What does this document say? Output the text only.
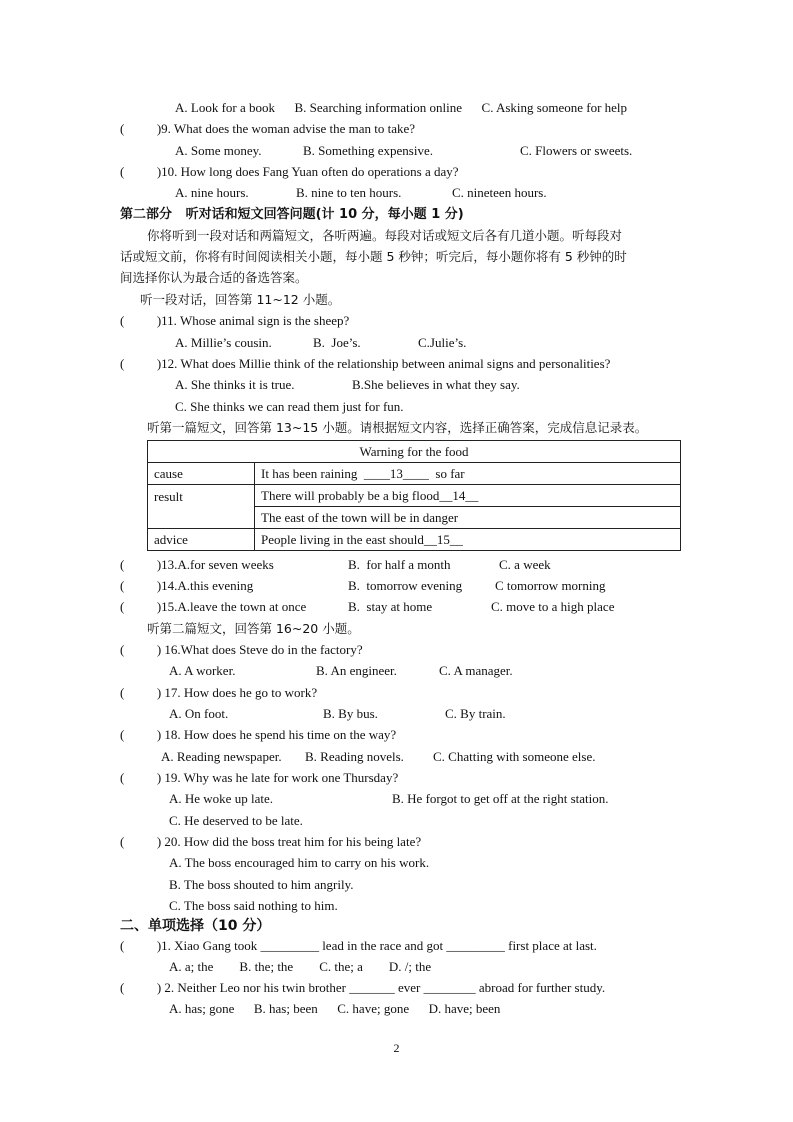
A. Look for a book      B. Searching information online      C. Asking someone for help
(          )9. What does the woman advise the man to take?
A. Some money.	B. Something expensive.	C. Flowers or sweets.
(          )10. How long does Fang Yuan often do operations a day?
A. nine hours.	B. nine to ten hours.	C. nineteen hours.
第二部分   听对话和短文回答问题(计 10 分，每小题 1 分)
你将听到一段对话和两篇短文，各听两遍。每段对话或短文后各有几道小题。听每段对
话或短文前，你将有时间阅读相关小题，每小题 5 秒钟；听完后，每小题你将有 5 秒钟的时
间选择你认为最合适的备选答案。
听一段对话，回答第 11~12 小题。
(          )11. Whose animal sign is the sheep?
A. Millie’s cousin.	B.  Joe’s.	C.Julie’s.
(          )12. What does Millie think of the relationship between animal signs and personalities?
A. She thinks it is true.	B.She believes in what they say.
C. She thinks we can read them just for fun.
听第一篇短文，回答第 13~15 小题。请根据短文内容，选择正确答案，完成信息记录表。
Warning for the food	
cause	It has been raining  ____13____  so far
result	There will probably be a big flood__14__
	The east of the town will be in danger
advice	People living in the east should__15__
(          )13.A.for seven weeks	B.  for half a month	C. a week
(          )14.A.this evening	B.  tomorrow evening	C tomorrow morning
(          )15.A.leave the town at once	B.  stay at home	C. move to a high place
听第二篇短文，回答第 16~20 小题。
(          ) 16.What does Steve do in the factory?
A. A worker.	B. An engineer.	C. A manager.
(          ) 17. How does he go to work?
A. On foot.	B. By bus.	C. By train.
(          ) 18. How does he spend his time on the way?
A. Reading newspaper. B. Reading novels. C. Chatting with someone else.
(          ) 19. Why was he late for work one Thursday?
A. He woke up late.	B. He forgot to get off at the right station.
C. He deserved to be late.
(          ) 20. How did the boss treat him for his being late?
A. The boss encouraged him to carry on his work.
B. The boss shouted to him angrily.
C. The boss said nothing to him.
二、单项选择（10 分）
(          )1. Xiao Gang took _________ lead in the race and got _________ first place at last.
A. a; the        B. the; the        C. the; a        D. /; the
(          ) 2. Neither Leo nor his twin brother _______ ever ________ abroad for further study.
A. has; gone      B. has; been      C. have; gone      D. have; been
2
